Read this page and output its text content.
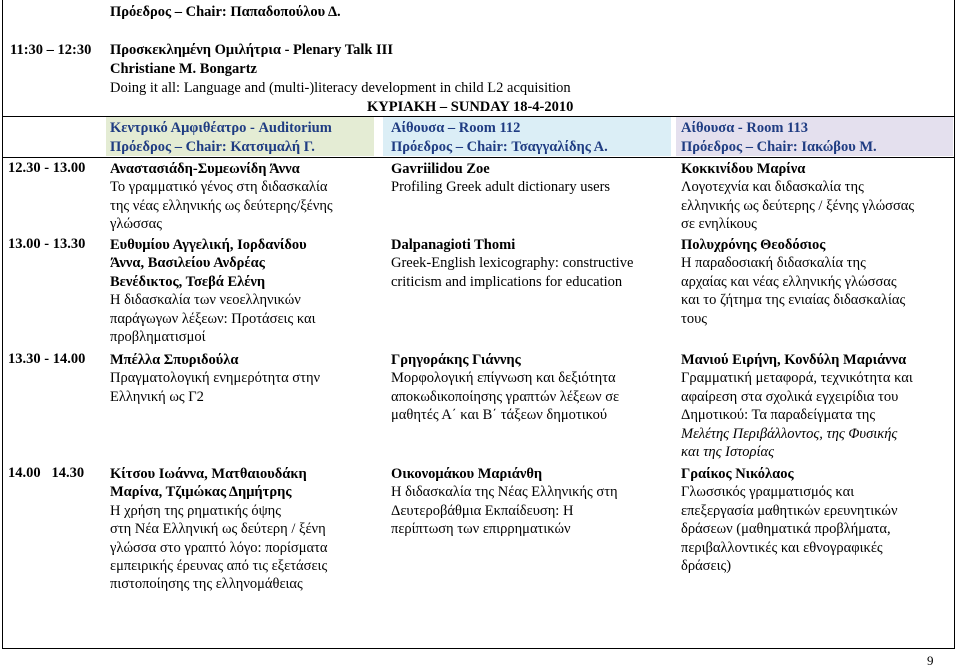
Πρόεδρος – Chair: Παπαδοπούλου Δ.
11:30 – 12:30 Προσκεκλημένη Ομιλήτρια - Plenary Talk III
Christiane M. Bongartz
Doing it all: Language and (multi-)literacy development in child L2 acquisition
ΚΥΡΙΑΚΗ – SUNDAY 18-4-2010
Κεντρικό Αμφιθέατρο - Auditorium
Πρόεδρος – Chair: Κατσιμαλή Γ.
Αίθουσα – Room 112
Πρόεδρος – Chair: Τσαγγαλίδης Α.
Αίθουσα - Room 113
Πρόεδρος – Chair: Ιακώβου Μ.
12.30 - 13.00 Αναστασιάδη-Συμεωνίδη Άννα
Το γραμματικό γένος στη διδασκαλία
της νέας ελληνικής ως δεύτερης/ξένης
γλώσσας
Gavriilidou Zoe
Profiling Greek adult dictionary users
Κοκκινίδου Μαρίνα
Λογοτεχνία και διδασκαλία της
ελληνικής ως δεύτερης / ξένης γλώσσας
σε ενηλίκους
13.00 - 13.30 Ευθυμίου Αγγελική, Ιορδανίδου
Άννα, Βασιλείου Ανδρέας
Βενέδικτος, Τσεβά Ελένη
Η διδασκαλία των νεοελληνικών
παράγωγων λέξεων: Προτάσεις και
προβληματισμοί
Dalpanagioti Thomi
Greek-English lexicography: constructive
criticism and implications for education
Πολυχρόνης Θεοδόσιος
Η παραδοσιακή διδασκαλία της
αρχαίας και νέας ελληνικής γλώσσας
και το ζήτημα της ενιαίας διδασκαλίας
τους
13.30 - 14.00 Μπέλλα Σπυριδούλα
Πραγματολογική ενημερότητα στην
Ελληνική ως Γ2
Γρηγοράκης Γιάννης
Μορφολογική επίγνωση και δεξιότητα
αποκωδικοποίησης γραπτών λέξεων σε
μαθητές Α΄ και Β΄ τάξεων δημοτικού
Μανιού Ειρήνη, Κονδύλη Μαριάννα
Γραμματική μεταφορά, τεχνικότητα και
αφαίρεση στα σχολικά εγχειρίδια του
Δημοτικού: Τα παραδείγματα της
Μελέτης Περιβάλλοντος, της Φυσικής
και της Ιστορίας
14.00   14.30 Κίτσου Ιωάννα, Ματθαιουδάκη
Μαρίνα, Τζιμώκας Δημήτρης
Η χρήση της ρηματικής όψης
στη Νέα Ελληνική ως δεύτερη / ξένη
γλώσσα στο γραπτό λόγο: πορίσματα
εμπειρικής έρευνας από τις εξετάσεις
πιστοποίησης της ελληνομάθειας
Οικονομάκου Μαριάνθη
Η διδασκαλία της Νέας Ελληνικής στη
Δευτεροβάθμια Εκπαίδευση: Η
περίπτωση των επιρρηματικών
Γραίκος Νικόλαος
Γλωσσικός γραμματισμός και
επεξεργασία μαθητικών ερευνητικών
δράσεων (μαθηματικά προβλήματα,
περιβαλλοντικές και εθνογραφικές
δράσεις)
9
